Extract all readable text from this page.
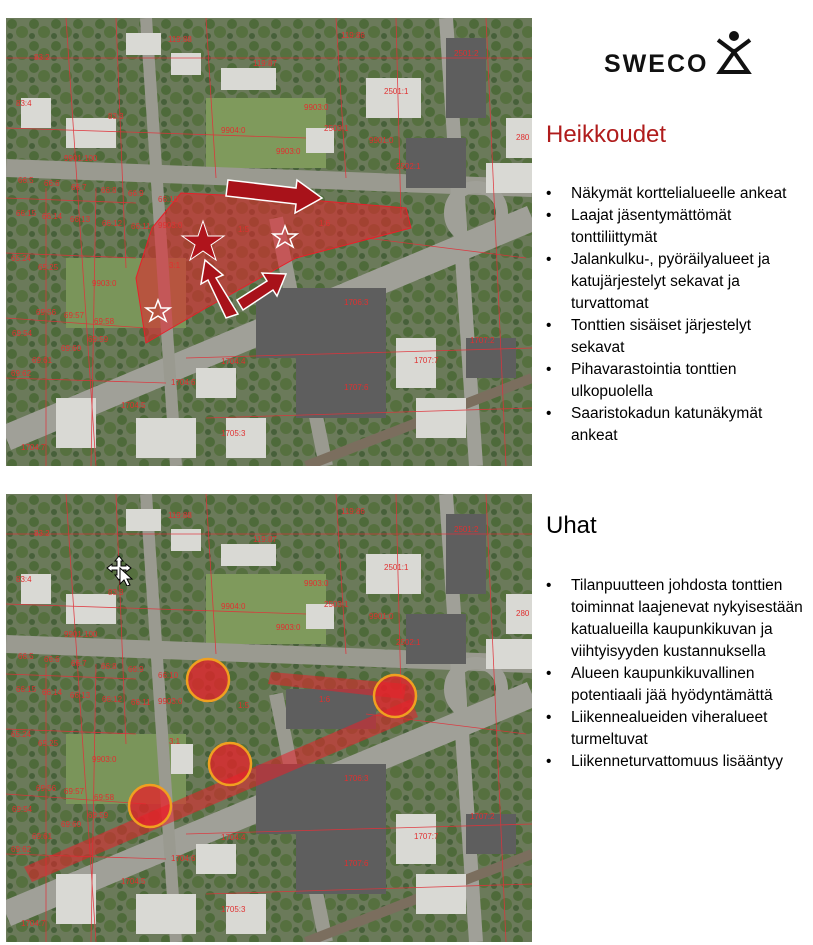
119:88
119:87
119:86
2501:2
83:2
83:4
83:3
2501:1
9903:0
9904:0	2503:1
9903:0
9901:0
2502:1
9901:100
66:5 66:6 66:7 66:8 66:9
66:10
66:15 66:14 66:13 66:12 66:11 9903:0	1:5
1:6
65:24
65:25
9903:0
3:1
1706:3
69:56 69:57
69:58
69:54
69:60
69:59
69:61
69:62
1704:4	1707:7
1707:2
1704:6
1707:6
1704:5
1705:3
1704:7
280
SWECO
Heikkoudet
• Näkymät korttelialueelle ankeat
• Laajat jäsentymättömät tonttiliittymät
• Jalankulku-, pyöräilyalueet ja katujärjestelyt sekavat ja turvattomat
• Tonttien sisäiset järjestelyt sekavat
• Pihavarastointia tonttien ulkopuolella
• Saaristokadun katunäkymät ankeat
119:88
119:87
119:86
2501:2
83:2
83:4
83:3
2501:1
9903:0
9904:0	2503:1
9903:0
9901:0
2502:1
9901:100
66:5 66:6 66:7 66:8 66:9
66:10
66:15 66:14 66:13 66:12 66:11 9903:0	1:5
1:6
65:24
65:25
9903:0
3:1
1706:3
69:56 69:57
69:58
69:54
69:60
69:59
69:61
69:62
1704:4	1707:7
1707:2
1704:6
1707:6
1704:5
1705:3
1704:7
280
Uhat
• Tilanpuutteen johdosta tonttien toiminnat laajenevat nykyisestään katualueilla kaupunkikuvan ja viihtyisyyden kustannuksella
• Alueen kaupunkikuvallinen potentiaali jää hyödyntämättä
• Liikennealueiden viheralueet turmeltuvat
• Liikenneturvattomuus lisääntyy
